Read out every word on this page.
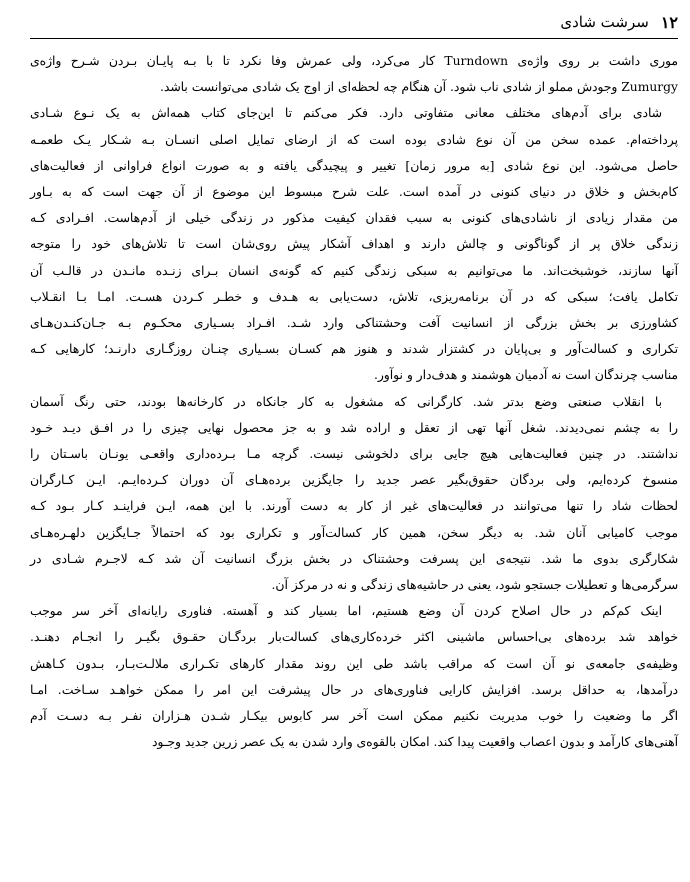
۱۲
سرشت شادی

موری داشت بر روی واژه‌ی Turndown کار می‌کرد، ولی عمرش وفا نکرد تا با بـه پایـان بـردن شـرح واژه‌ی

Zumurgy وجودش مملو از شادی ناب شود. آن هنگام چه لحظه‌ای از اوج یک شادی می‌توانست باشد.

شادی برای آدم‌های مختلف معانی متفاوتی دارد. فکر می‌کنم تا این‌جای کتاب همه‌اش به یک نـوع شـادی

پرداخته‌ام. عمده سخن من آن نوع شادی بوده است که از ارضای تمایل اصلی انسـان بـه شـکار یـک طعمـه

حاصل می‌شود. این نوع شادی [به مرور زمان] تغییر و پیچیدگی یافته و به صورت انواع فراوانی از فعالیت‌های

کام‌بخش و خلاق در دنیای کنونی در آمده است. علت شرح مبسوط این موضوع از آن جهت است که به بـاور

من مقدار زیادی از ناشادی‌های کنونی به سبب فقدان کیفیت مذکور در زندگی خیلی از آدم‌هاست. افـرادی کـه

زندگی خلاق پر از گوناگونی و چالش دارند و اهداف آشکار پیش روی‌شان است تا تلاش‌های خود را متوجه

آنها سازند، خوشبخت‌اند. ما می‌توانیم به سبکی زندگی کنیم که گونه‌ی انسان بـرای زنـده مانـدن در قالـب آن

تکامل یافت؛ سبکی که در آن برنامه‌ریزی، تلاش، دست‌یابی به هـدف و خطـر کـردن هسـت. امـا بـا انقـلاب

کشاورزی بر بخش بزرگی از انسانیت آفت وحشتناکی وارد شـد. افـراد بسـیاری محکـوم بـه جـان‌کنـدن‌هـای

تکراری و کسالت‌آور و بی‌پایان در کشتزار شدند و هنوز هم کسـان بسـیاری چنـان روزگـاری دارنـد؛ کارهایی کـه

مناسب چرندگان است نه آدمیان هوشمند و هدف‌دار و نوآور.

با انقلاب صنعتی وضع بدتر شد. کارگرانی که مشغول به کار جانکاه در کارخانه‌ها بودند، حتی رنگ آسمان

را به چشم نمی‌دیدند. شغل آنها تهی از تعقل و اراده شد و به جز محصول نهایی چیزی را در افـق دیـد خـود

نداشتند. در چنین فعالیت‌هایی هیچ جایی برای دلخوشی نیست. گرچه مـا بـرده‌داری واقعـی یونـان باسـتان را

منسوخ کرده‌ایم، ولی بردگان حقوق‌بگیر عصر جدید را جایگزین برده‌هـای آن دوران کـرده‌ایـم. ایـن کـارگران

لحظات شاد را تنها می‌توانند در فعالیت‌های غیر از کار به دست آورند. با این همه، ایـن فراینـد کـار بـود کـه

موجب کامیابی آنان شد. به دیگر سخن، همین کار کسالت‌آور و تکراری بود که احتمالاً جـایگزین دلهـره‌هـای

شکارگری بدوی ما شد. نتیجه‌ی این پسرفت وحشتناک در بخش بزرگ انسانیت آن شد کـه لاجـرم شـادی در

سرگرمی‌ها و تعطیلات جستجو شود، یعنی در حاشیه‌های زندگی و نه در مرکز آن.

اینک کم‌کم در حال اصلاح کردن آن وضع هستیم، اما بسیار کند و آهسته. فناوری رایانه‌ای آخر سر موجب

خواهد شد برده‌های بی‌احساس ماشینی اکثر خرده‌کاری‌های کسالت‌بار بردگـان حقـوق بگیـر را انجـام دهنـد.

وظیفه‌ی جامعه‌ی نو آن است که مراقب باشد طی این روند مقدار کارهای تکـراری ملالـت‌بـار، بـدون کـاهش

درآمدها، به حداقل برسد. افزایش کارایی فناوری‌های در حال پیشرفت این امر را ممکن خواهـد سـاخت. امـا

اگر ما وضعیت را خوب مدیریت نکنیم ممکن است آخر سر کابوس بیکـار شـدن هـزاران نفـر بـه دسـت آدم

آهنی‌های کارآمد و بدون اعصاب واقعیت پیدا کند. امکان بالقوه‌ی وارد شدن به یک عصر زرین جدید وجـود
